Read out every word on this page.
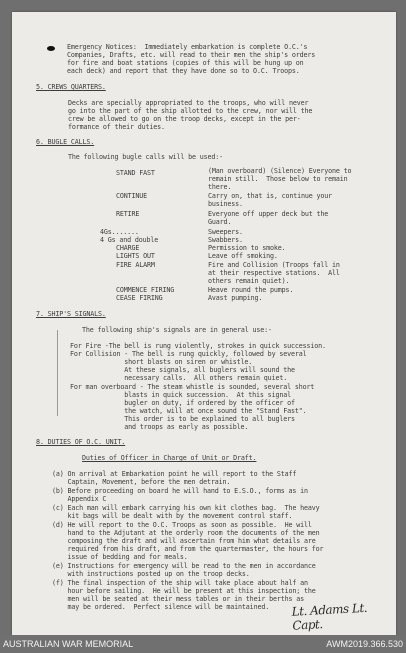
Emergency Notices:  Immediately embarkation is complete O.C.'s
Companies, Drafts, etc. will read to their men the ship's orders
for fire and boat stations (copies of this will be hung up on
each deck) and report that they have done so to O.C. Troops.
5. CREWS QUARTERS.
Decks are specially appropriated to the troops, who will never
go into the part of the ship allotted to the crew, nor will the
crew be allowed to go on the troop decks, except in the per-
formance of their duties.
6. BUGLE CALLS.
The following bugle calls will be used:-
STAND FAST	(Man overboard) (Silence) Everyone to
remain still.  Those below to remain
there.
CONTINUE	Carry on, that is, continue your
business.
RETIRE	Everyone off upper deck but the
Guard.
4Gs.......	Sweepers.
4 Gs and double	Swabbers.
CHARGE	Permission to smoke.
LIGHTS OUT	Leave off smoking.
FIRE ALARM	Fire and Collision (Troops fall in
at their respective stations.  All
others remain quiet).
COMMENCE FIRING	Heave round the pumps.
CEASE FIRING	Avast pumping.
7. SHIP'S SIGNALS.
The following ship's signals are in general use:-
For Fire -The bell is rung violently, strokes in quick succession.
For Collision - The bell is rung quickly, followed by several
short blasts on siren or whistle.
At these signals, all buglers will sound the
necessary calls.  All others remain quiet.
For man overboard - The steam whistle is sounded, several short
blasts in quick succession.  At this signal
bugler on duty, if ordered by the officer of
the watch, will at once sound the "Stand Fast".
This order is to be explained to all buglers
and troops as early as possible.
8. DUTIES OF O.C. UNIT.
Duties of Officer in Charge of Unit or Draft.
(a) On arrival at Embarkation point he will report to the Staff
Captain, Movement, before the men detrain.
(b) Before proceeding on board he will hand to E.S.O., forms as in
Appendix C
(c) Each man will embark carrying his own kit clothes bag.  The heavy
kit bags will be dealt with by the movement control staff.
(d) He will report to the O.C. Troops as soon as possible.  He will
hand to the Adjutant at the orderly room the documents of the men
composing the draft and will ascertain from him what details are
required from his draft, and from the quartermaster, the hours for
issue of bedding and for meals.
(e) Instructions for emergency will be read to the men in accordance
with instructions posted up on the troop decks.
(f) The final inspection of the ship will take place about half an
hour before sailing.  He will be present at this inspection; the
men will be seated at their mess tables or in their berths as
may be ordered.  Perfect silence will be maintained. Lt. Adams Lt. Capt.
AUSTRALIAN WAR MEMORIAL	AWM2019.366.530
